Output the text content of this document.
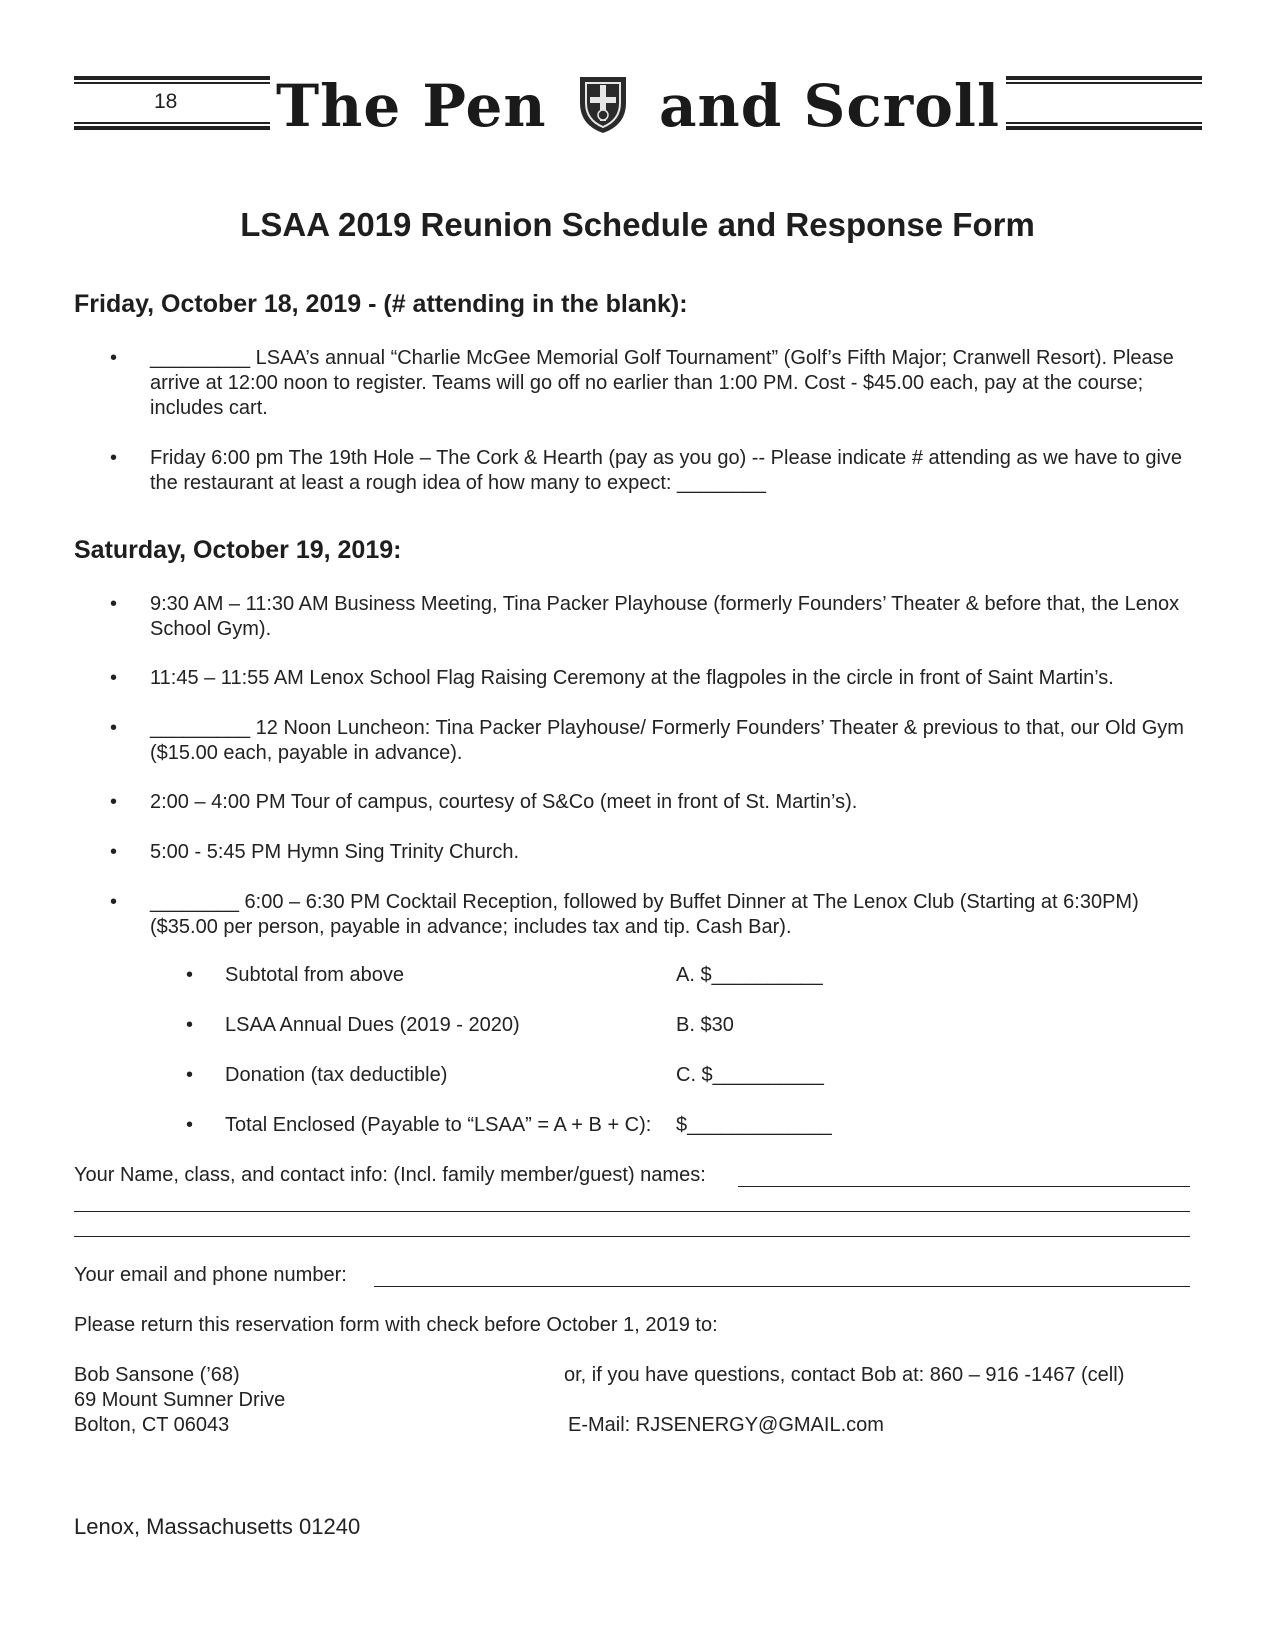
18 The Pen and Scroll
LSAA 2019 Reunion Schedule and Response Form
Friday, October 18, 2019 - (# attending in the blank):
• _________ LSAA’s annual “Charlie McGee Memorial Golf Tournament” (Golf’s Fifth Major; Cranwell Resort). Please arrive at 12:00 noon to register. Teams will go off no earlier than 1:00 PM. Cost - $45.00 each, pay at the course; includes cart.
• Friday 6:00 pm The 19th Hole – The Cork & Hearth (pay as you go) -- Please indicate # attending as we have to give the restaurant at least a rough idea of how many to expect: ________
Saturday, October 19, 2019:
• 9:30 AM – 11:30 AM Business Meeting, Tina Packer Playhouse (formerly Founders’ Theater & before that, the Lenox School Gym).
• 11:45 – 11:55 AM Lenox School Flag Raising Ceremony at the flagpoles in the circle in front of Saint Martin’s.
• _________ 12 Noon Luncheon: Tina Packer Playhouse/ Formerly Founders’ Theater & previous to that, our Old Gym ($15.00 each, payable in advance).
• 2:00 – 4:00 PM Tour of campus, courtesy of S&Co (meet in front of St. Martin’s).
• 5:00 - 5:45 PM Hymn Sing Trinity Church.
• ________ 6:00 – 6:30 PM Cocktail Reception, followed by Buffet Dinner at The Lenox Club (Starting at 6:30PM) ($35.00 per person, payable in advance; includes tax and tip. Cash Bar).
• Subtotal from above	A. $__________
• LSAA Annual Dues (2019 - 2020)	B. $30
• Donation (tax deductible)	C. $__________
• Total Enclosed (Payable to “LSAA” = A + B + C): $_____________
Your Name, class, and contact info: (Incl. family member/guest) names:
Your email and phone number:
Please return this reservation form with check before October 1, 2019 to:
Bob Sansone (’68)
69 Mount Sumner Drive
Bolton, CT 06043
or, if you have questions, contact Bob at: 860 – 916 -1467 (cell)
E-Mail: RJSENERGY@GMAIL.com
Lenox, Massachusetts 01240
